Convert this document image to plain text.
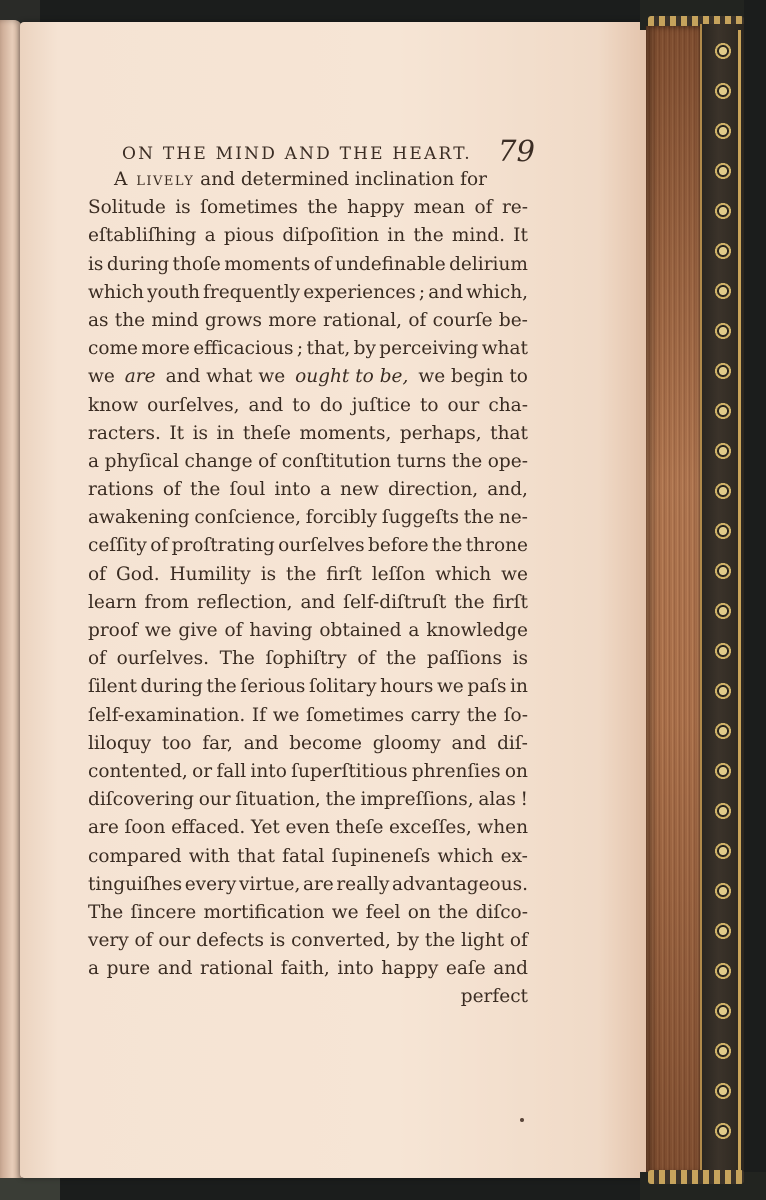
ON THE MIND AND THE HEART. 79
A lively and determined inclination for
Solitude is ſometimes the happy mean of re-
eſtabliſhing a pious diſpoſition in the mind. It
is during thoſe moments of undefinable delirium
which youth frequently experiences ; and which,
as the mind grows more rational, of courſe be-
come more efficacious ; that, by perceiving what
we are and what we ought to be, we begin to
know ourſelves, and to do juſtice to our cha-
racters. It is in theſe moments, perhaps, that
a phyſical change of conſtitution turns the ope-
rations of the ſoul into a new direction, and,
awakening conſcience, forcibly ſuggeſts the ne-
ceſſity of proſtrating ourſelves before the throne
of God. Humility is the firſt leſſon which we
learn from reflection, and ſelf-diſtruſt the firſt
proof we give of having obtained a knowledge
of ourſelves. The ſophiſtry of the paſſions is
ſilent during the ſerious ſolitary hours we paſs in
ſelf-examination. If we ſometimes carry the ſo-
liloquy too far, and become gloomy and diſ-
contented, or fall into ſuperſtitious phrenſies on
diſcovering our ſituation, the impreſſions, alas !
are ſoon effaced. Yet even theſe exceſſes, when
compared with that fatal ſupineneſs which ex-
tinguiſhes every virtue, are really advantageous.
The ſincere mortification we feel on the diſco-
very of our defects is converted, by the light of
a pure and rational faith, into happy eaſe and
perfect
